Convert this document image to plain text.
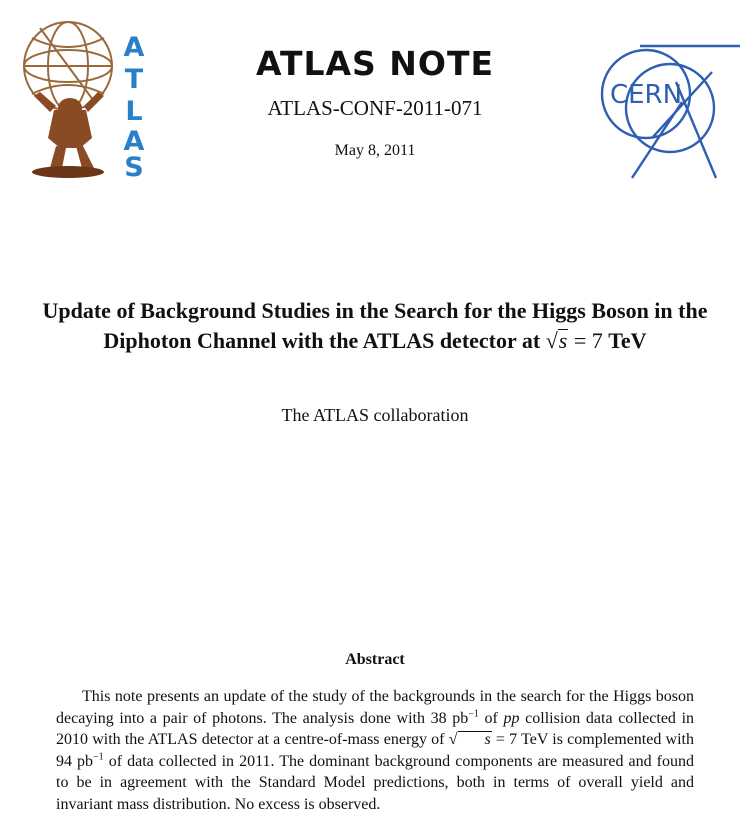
A
T
L
A
S
ATLAS NOTE
ATLAS-CONF-2011-071
May 8, 2011
CERN
Update of Background Studies in the Search for the Higgs Boson in the
Diphoton Channel with the ATLAS detector at √s = 7 TeV
The ATLAS collaboration
Abstract
This note presents an update of the study of the backgrounds in the search for the Higgs boson decaying into a pair of photons. The analysis done with 38 $pb^{-1}$ of pp collision data collected in 2010 with the ATLAS detector at a centre-of-mass energy of √ s = 7 TeV is complemented with 94 $pb^{-1}$ of data collected in 2011. The dominant background components are measured and found to be in agreement with the Standard Model predictions, both in terms of overall yield and invariant mass distribution. No excess is observed.
